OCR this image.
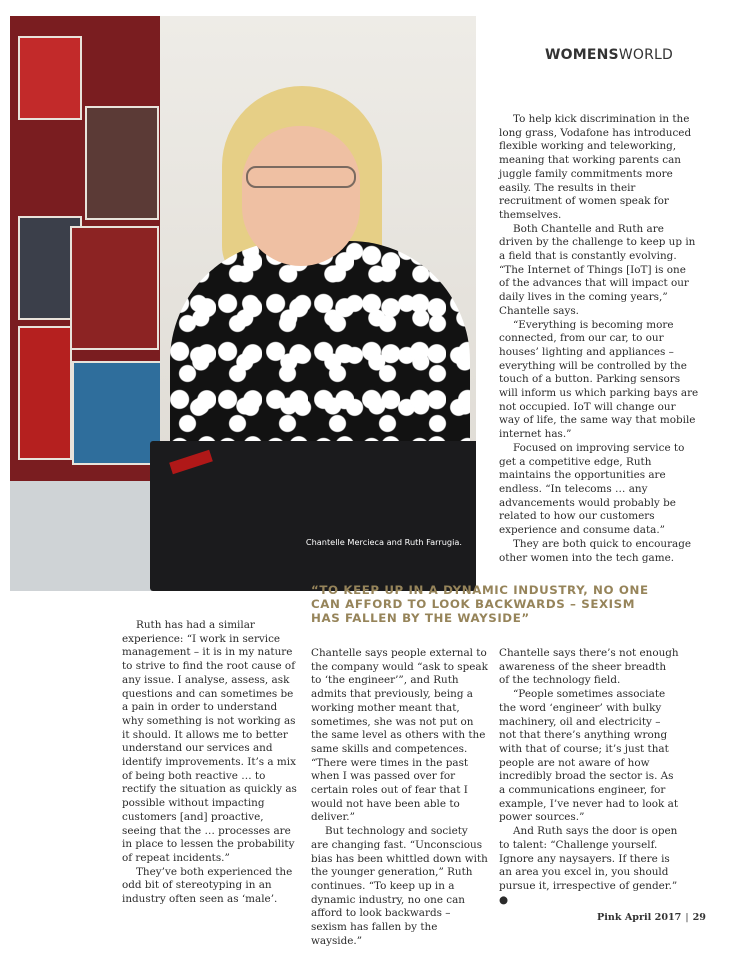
Chantelle Mercieca and Ruth Farrugia.
WOMENSWORLD

To help kick discrimination in the long grass, Vodafone has introduced flexible working and teleworking, meaning that working parents can juggle family commitments more easily. The results in their recruitment of women speak for themselves.

Both Chantelle and Ruth are driven by the challenge to keep up in a field that is constantly evolving. “The Internet of Things [IoT] is one of the advances that will impact our daily lives in the coming years,” Chantelle says.

“Everything is becoming more connected, from our car, to our houses’ lighting and appliances – everything will be controlled by the touch of a button. Parking sensors will inform us which parking bays are not occupied. IoT will change our way of life, the same way that mobile internet has.”

Focused on improving service to get a competitive edge, Ruth maintains the opportunities are endless. “In telecoms … any advancements would probably be related to how our customers experience and consume data.”

They are both quick to encourage other women into the tech game.

“TO KEEP UP IN A DYNAMIC INDUSTRY, NO ONE CAN AFFORD TO LOOK BACKWARDS – SEXISM HAS FALLEN BY THE WAYSIDE”

Ruth has had a similar experience: “I work in service management – it is in my nature to strive to find the root cause of any issue. I analyse, assess, ask questions and can sometimes be a pain in order to understand why something is not working as it should. It allows me to better understand our services and identify improvements. It’s a mix of being both reactive … to rectify the situation as quickly as possible without impacting customers [and] proactive, seeing that the … processes are in place to lessen the probability of repeat incidents.”

They’ve both experienced the odd bit of stereotyping in an industry often seen as ‘male’.

Chantelle says people external to the company would “ask to speak to ‘the engineer’”, and Ruth admits that previously, being a working mother meant that, sometimes, she was not put on the same level as others with the same skills and competences. “There were times in the past when I was passed over for certain roles out of fear that I would not have been able to deliver.”

But technology and society are changing fast. “Unconscious bias has been whittled down with the younger generation,” Ruth continues. “To keep up in a dynamic industry, no one can afford to look backwards – sexism has fallen by the wayside.”

Chantelle says there’s not enough awareness of the sheer breadth of the technology field.

“People sometimes associate the word ‘engineer’ with bulky machinery, oil and electricity – not that there’s anything wrong with that of course; it’s just that people are not aware of how incredibly broad the sector is. As a communications engineer, for example, I’ve never had to look at power sources.”

And Ruth says the door is open to talent: “Challenge yourself. Ignore any naysayers. If there is an area you excel in, you should pursue it, irrespective of gender.” ●

Pink April 2017 | 29
